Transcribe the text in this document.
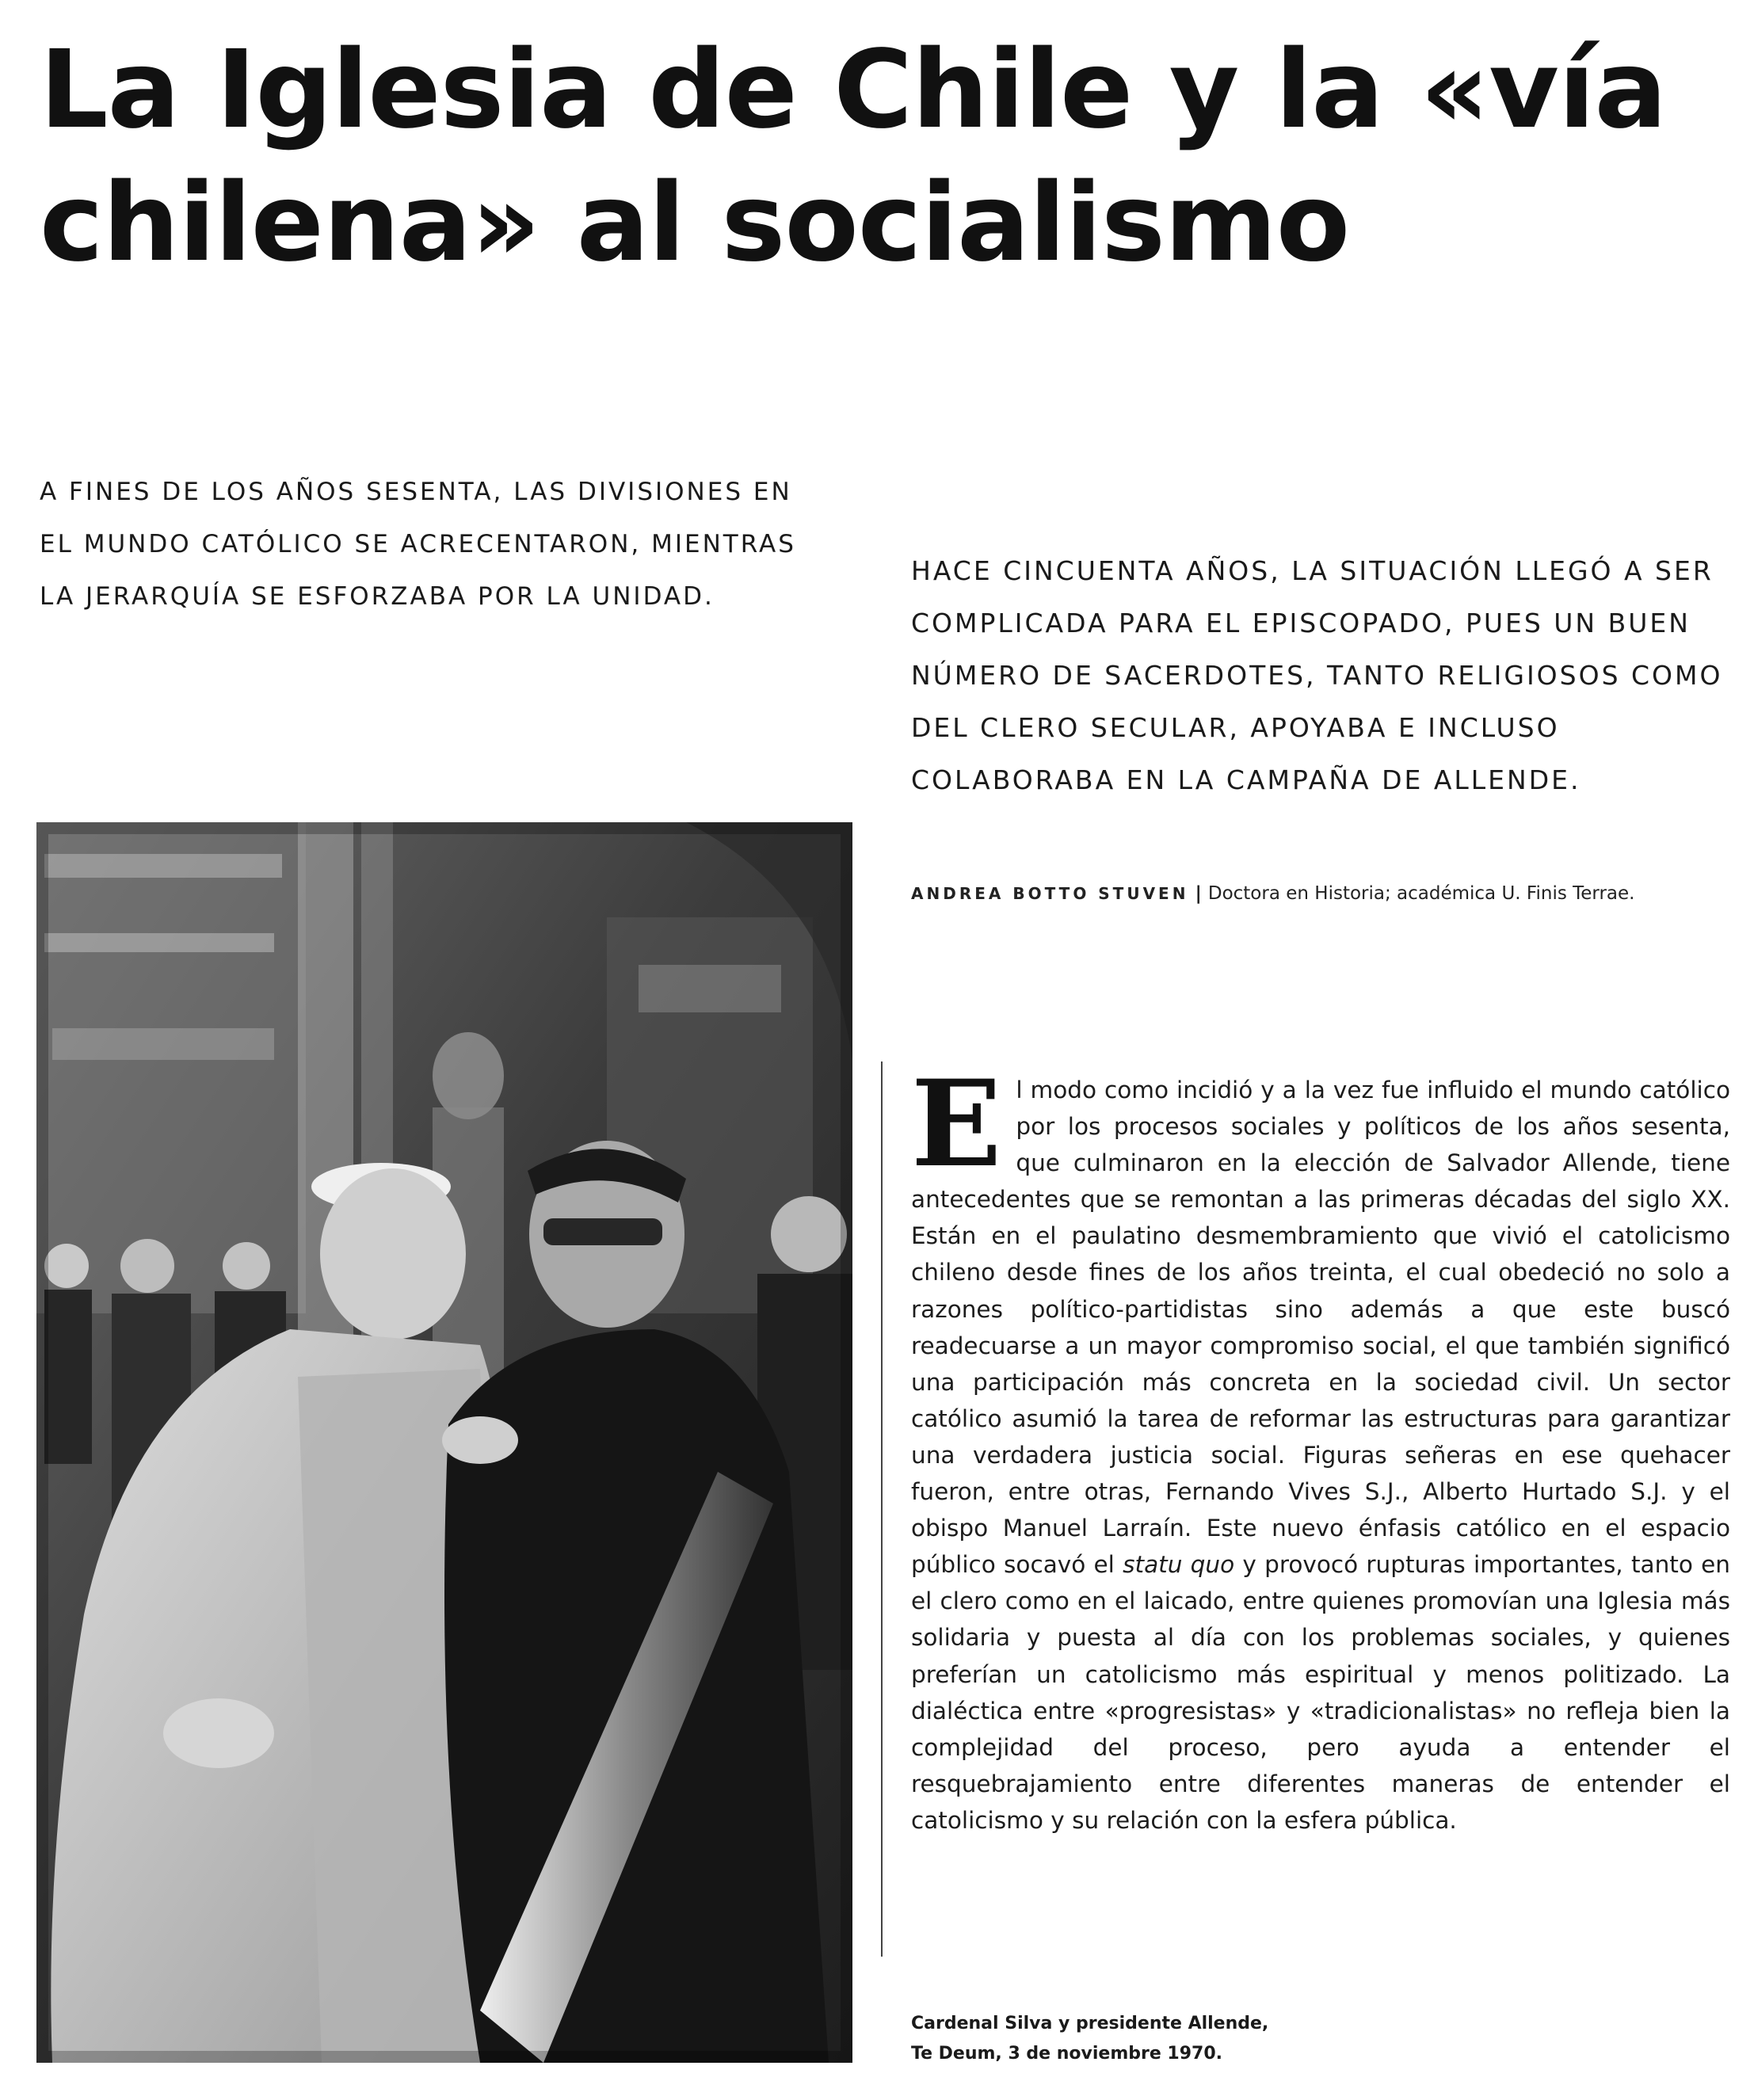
La Iglesia de Chile y la «vía
chilena» al socialismo

A FINES DE LOS AÑOS SESENTA, LAS DIVISIONES EN EL MUNDO CATÓLICO SE ACRECENTARON, MIENTRAS LA JERARQUÍA SE ESFORZABA POR LA UNIDAD.

HACE CINCUENTA AÑOS, LA SITUACIÓN LLEGÓ A SER COMPLICADA PARA EL EPISCOPADO, PUES UN BUEN NÚMERO DE SACERDOTES, TANTO RELIGIOSOS COMO DEL CLERO SECULAR, APOYABA E INCLUSO COLABORABA EN LA CAMPAÑA DE ALLENDE.

ANDREA BOTTO STUVEN | Doctora en Historia; académica U. Finis Terrae.

El modo como incidió y a la vez fue influido el mundo católico por los procesos sociales y políticos de los años sesenta, que culminaron en la elección de Salvador Allende, tiene antecedentes que se remontan a las primeras décadas del siglo XX. Están en el paulatino desmembramiento que vivió el catolicismo chileno desde fines de los años treinta, el cual obedeció no solo a razones político-partidistas sino además a que este buscó readecuarse a un mayor compromiso social, el que también significó una participación más concreta en la sociedad civil. Un sector católico asumió la tarea de reformar las estructuras para garantizar una verdadera justicia social. Figuras señeras en ese quehacer fueron, entre otras, Fernando Vives S.J., Alberto Hurtado S.J. y el obispo Manuel Larraín. Este nuevo énfasis católico en el espacio público socavó el statu quo y provocó rupturas importantes, tanto en el clero como en el laicado, entre quienes promovían una Iglesia más solidaria y puesta al día con los problemas sociales, y quienes preferían un catolicismo más espiritual y menos politizado. La dialéctica entre «progresistas» y «tradicionalistas» no refleja bien la complejidad del proceso, pero ayuda a entender el resquebrajamiento entre diferentes maneras de entender el catolicismo y su relación con la esfera pública.

Cardenal Silva y presidente Allende,
Te Deum, 3 de noviembre 1970.
